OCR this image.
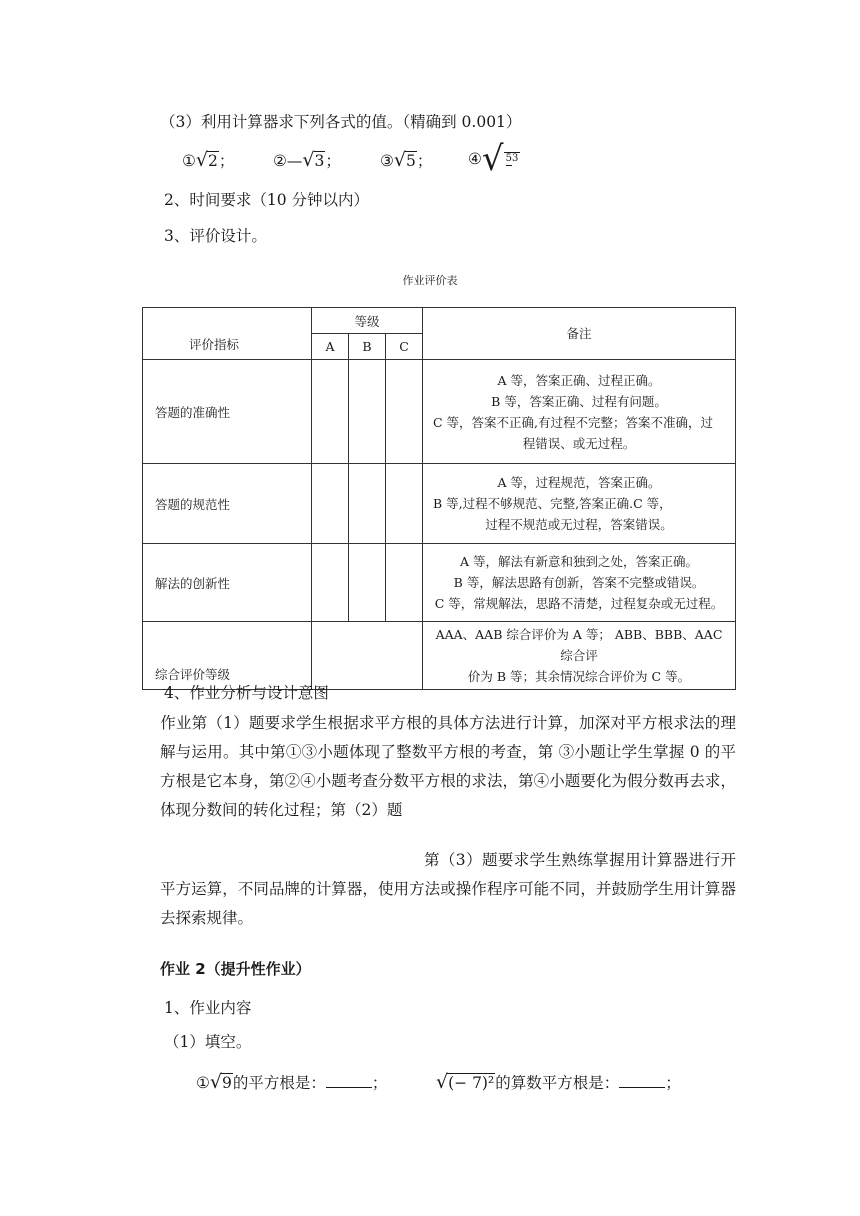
（3）利用计算器求下列各式的值。（精确到 0.001）
①√2； ②—√3；	③√5； ④ √ 53
2、时间要求（10 分钟以内）
3、评价设计。
作业评价表
评价指标	等级			备注
	A	B	C	
答题的准确性				A 等，答案正确、过程正确。
B 等，答案正确、过程有问题。
C 等，答案不正确,有过程不完整；答案不准确，过
程错误、或无过程。

答题的规范性				A 等，过程规范，答案正确。
B 等,过程不够规范、完整,答案正确.C 等，
过程不规范或无过程，答案错误。

解法的创新性				A 等，解法有新意和独到之处，答案正确。
B 等，解法思路有创新，答案不完整或错误。
C 等，常规解法，思路不清楚，过程复杂或无过程。

综合评价等级				AAA、AAB 综合评价为 A 等； ABB、BBB、AAC 综合评
价为 B 等；其余情况综合评价为 C 等。
4、作业分析与设计意图
作业第（1）题要求学生根据求平方根的具体方法进行计算，加深对平方根求法的理解与运用。其中第①③小题体现了整数平方根的考查，第 ③小题让学生掌握 0 的平方根是它本身，第②④小题考查分数平方根的求法，第④小题要化为假分数再去求，体现分数间的转化过程；第（2）题
第（3）题要求学生熟练掌握用计算器进行开平方运算，不同品牌的计算器，使用方法或操作程序可能不同，并鼓励学生用计算器去探索规律。
作业 2（提升性作业）
1、作业内容
（1）填空。
①√9的平方根是：	；	√(− 7)²的算数平方根是：	；
